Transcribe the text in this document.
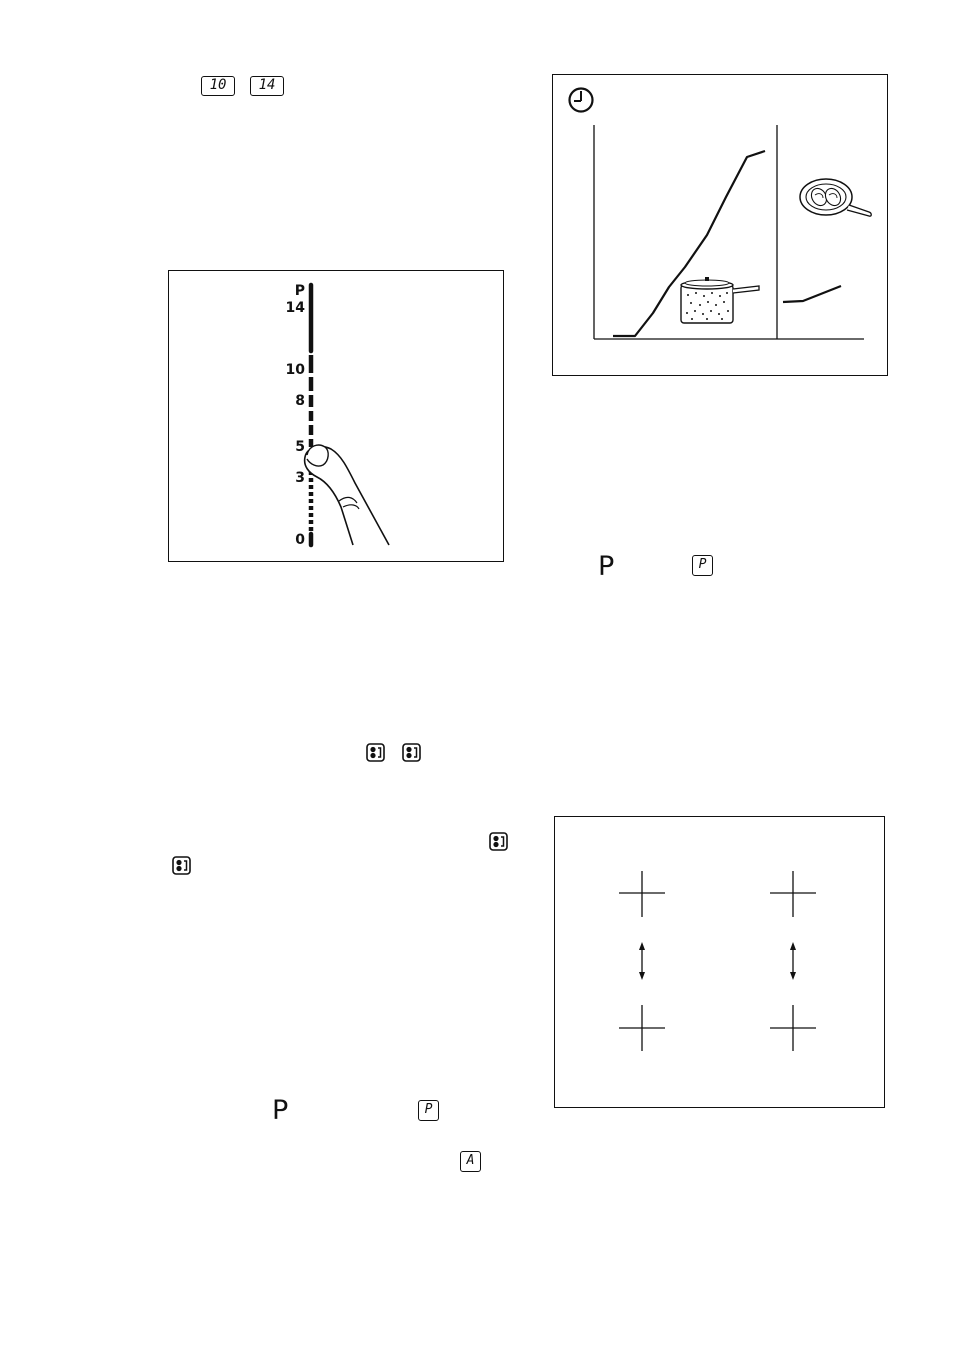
10	14
P
14
10
8
5
3
0
P	P
P	P
A
